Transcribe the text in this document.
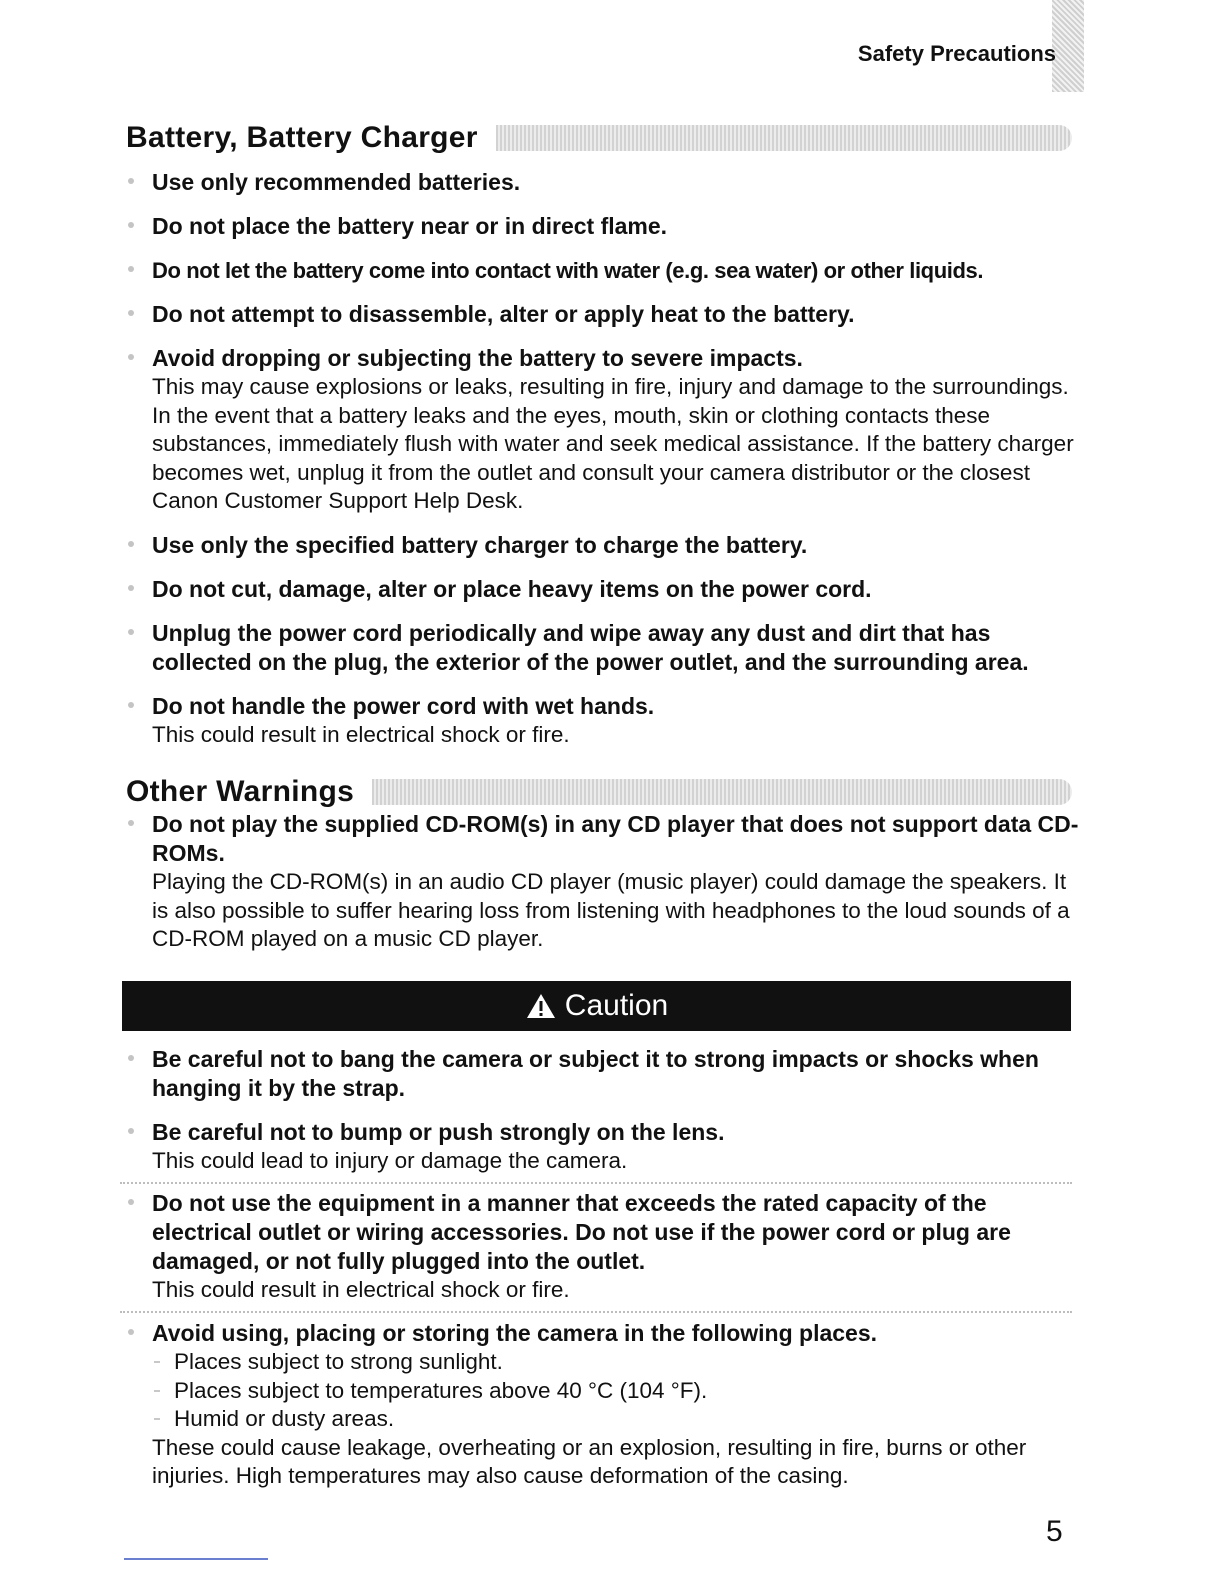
Safety Precautions
Battery, Battery Charger
Use only recommended batteries.
Do not place the battery near or in direct flame.
Do not let the battery come into contact with water (e.g. sea water) or other liquids.
Do not attempt to disassemble, alter or apply heat to the battery.
Avoid dropping or subjecting the battery to severe impacts.
This may cause explosions or leaks, resulting in fire, injury and damage to the surroundings. In the event that a battery leaks and the eyes, mouth, skin or clothing contacts these substances, immediately flush with water and seek medical assistance. If the battery charger becomes wet, unplug it from the outlet and consult your camera distributor or the closest Canon Customer Support Help Desk.
Use only the specified battery charger to charge the battery.
Do not cut, damage, alter or place heavy items on the power cord.
Unplug the power cord periodically and wipe away any dust and dirt that has collected on the plug, the exterior of the power outlet, and the surrounding area.
Do not handle the power cord with wet hands.
This could result in electrical shock or fire.
Other Warnings
Do not play the supplied CD-ROM(s) in any CD player that does not support data CD-ROMs.
Playing the CD-ROM(s) in an audio CD player (music player) could damage the speakers. It is also possible to suffer hearing loss from listening with headphones to the loud sounds of a CD-ROM played on a music CD player.
Caution
Be careful not to bang the camera or subject it to strong impacts or shocks when hanging it by the strap.
Be careful not to bump or push strongly on the lens.
This could lead to injury or damage the camera.
Do not use the equipment in a manner that exceeds the rated capacity of the electrical outlet or wiring accessories. Do not use if the power cord or plug are damaged, or not fully plugged into the outlet.
This could result in electrical shock or fire.
Avoid using, placing or storing the camera in the following places.
Places subject to strong sunlight.
Places subject to temperatures above 40 °C (104 °F).
Humid or dusty areas.
These could cause leakage, overheating or an explosion, resulting in fire, burns or other injuries. High temperatures may also cause deformation of the casing.
5
